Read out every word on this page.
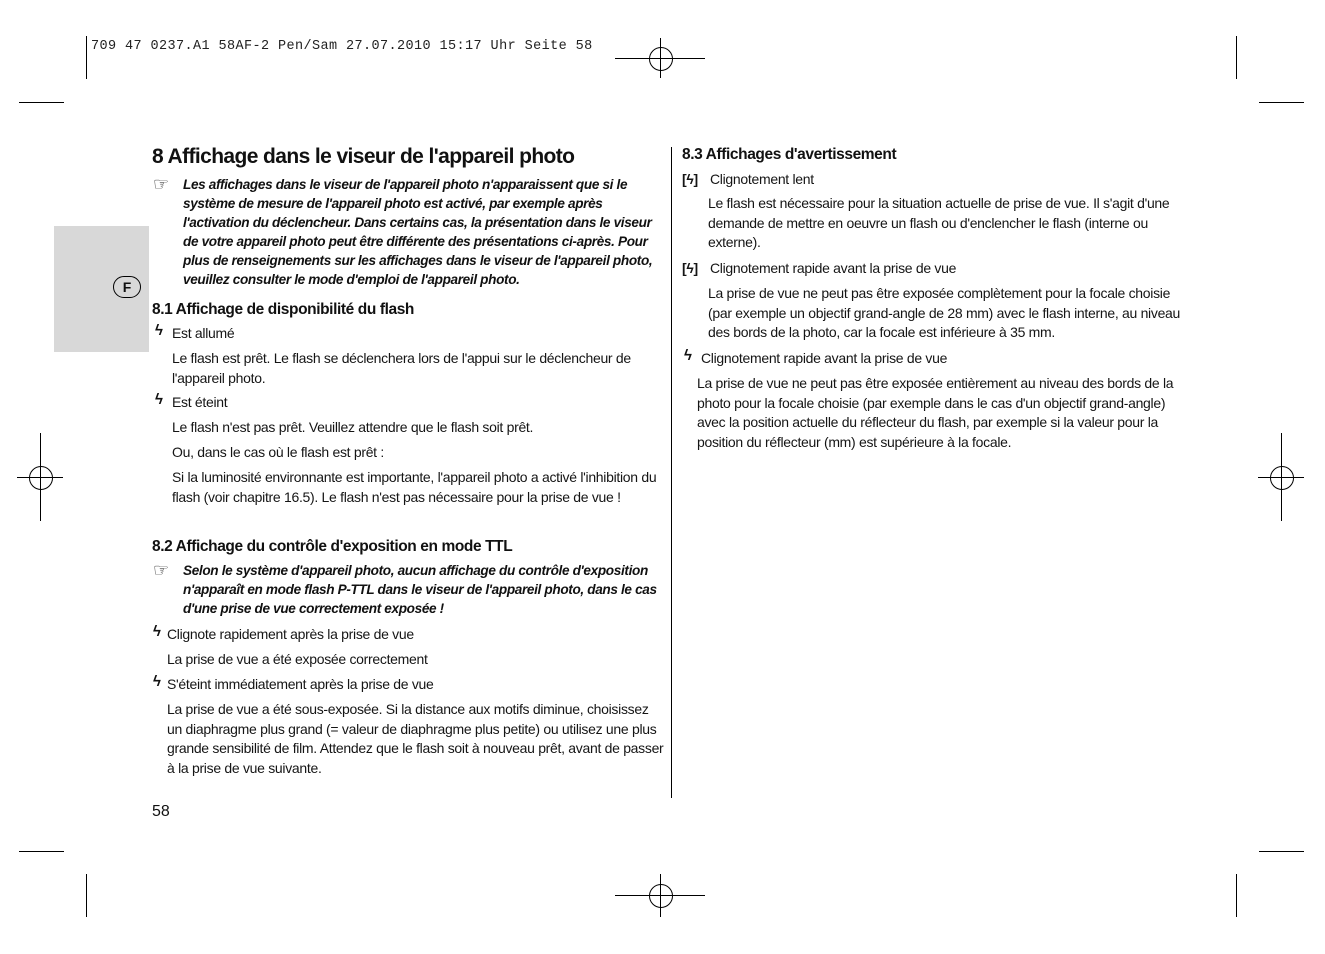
709 47 0237.A1 58AF-2 Pen/Sam 27.07.2010 15:17 Uhr Seite 58
F
8 Affichage dans le viseur de l'appareil photo
☞ Les affichages dans le viseur de l'appareil photo n'apparaissent que si le système de mesure de l'appareil photo est activé, par exemple après l'activation du déclencheur. Dans certains cas, la présentation dans le viseur de votre appareil photo peut être différente des présentations ci-après. Pour plus de renseignements sur les affichages dans le viseur de l'appareil photo, veuillez consulter le mode d'emploi de l'appareil photo.
8.1 Affichage de disponibilité du flash
ϟ Est allumé
Le flash est prêt. Le flash se déclenchera lors de l'appui sur le déclencheur de l'appareil photo.
ϟ Est éteint
Le flash n'est pas prêt. Veuillez attendre que le flash soit prêt.
Ou, dans le cas où le flash est prêt :
Si la luminosité environnante est importante, l'appareil photo a activé l'inhibition du flash (voir chapitre 16.5). Le flash n'est pas nécessaire pour la prise de vue !
8.2 Affichage du contrôle d'exposition en mode TTL
☞ Selon le système d'appareil photo, aucun affichage du contrôle d'exposition n'apparaît en mode flash P-TTL dans le viseur de l'appareil photo, dans le cas d'une prise de vue correctement exposée !
ϟ Clignote rapidement après la prise de vue
La prise de vue a été exposée correctement
ϟ S'éteint immédiatement après la prise de vue
La prise de vue a été sous-exposée. Si la distance aux motifs diminue, choisissez un diaphragme plus grand (= valeur de diaphragme plus petite) ou utilisez une plus grande sensibilité de film. Attendez que le flash soit à nouveau prêt, avant de passer à la prise de vue suivante.
58
8.3 Affichages d'avertissement
[ϟ] Clignotement lent
Le flash est nécessaire pour la situation actuelle de prise de vue. Il s'agit d'une demande de mettre en oeuvre un flash ou d'enclencher le flash (interne ou externe).
[ϟ] Clignotement rapide avant la prise de vue
La prise de vue ne peut pas être exposée complètement pour la focale choisie (par exemple un objectif grand-angle de 28 mm) avec le flash interne, au niveau des bords de la photo, car la focale est inférieure à 35 mm.
ϟ Clignotement rapide avant la prise de vue
La prise de vue ne peut pas être exposée entièrement au niveau des bords de la photo pour la focale choisie (par exemple dans le cas d'un objectif grand-angle) avec la position actuelle du réflecteur du flash, par exemple si la valeur pour la position du réflecteur (mm) est supérieure à la focale.
